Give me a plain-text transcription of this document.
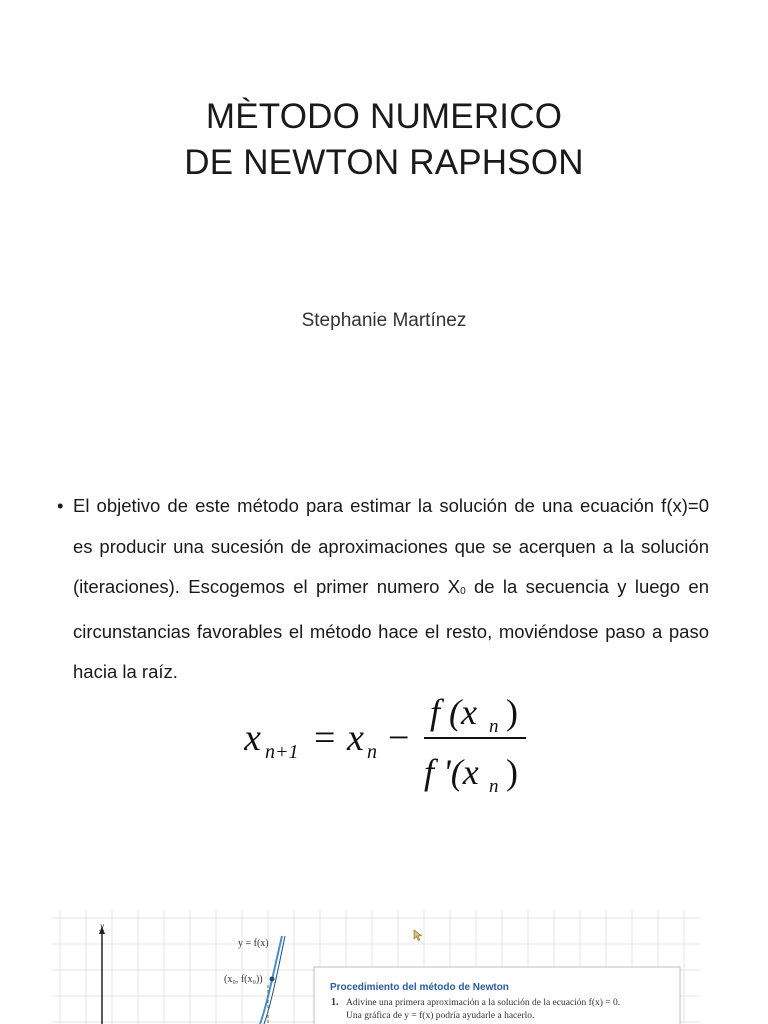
MÈTODO NUMERICO
DE NEWTON RAPHSON
Stephanie Martínez
• El objetivo de este método para estimar la solución de una ecuación f(x)=0 es producir una sucesión de aproximaciones que se acerquen a la solución (iteraciones). Escogemos el primer numero $X_0$ de la secuencia y luego en circunstancias favorables el método hace el resto, moviéndose paso a paso hacia la raíz.
x n+1 = x n −
f (x n )
f '(x n )
y
y = f(x)
(x₀, f(x₀))
Procedimiento del método de Newton
1. Adivine una primera aproximación a la solución de la ecuación f(x) = 0.
Una gráfica de y = f(x) podría ayudarle a hacerlo.
